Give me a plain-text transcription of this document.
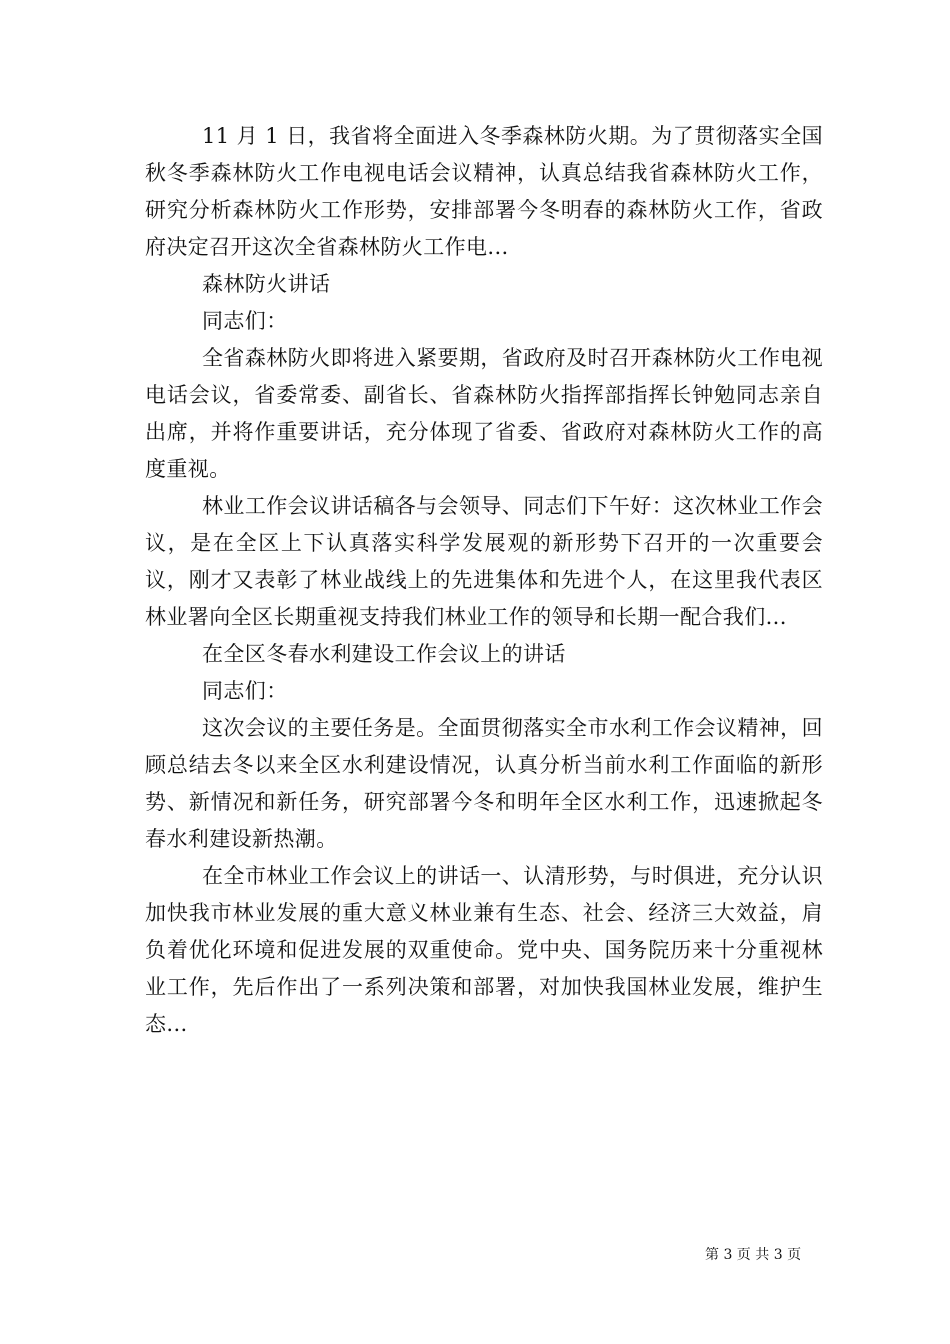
11 月 1 日，我省将全面进入冬季森林防火期。为了贯彻落实全国秋冬季森林防火工作电视电话会议精神，认真总结我省森林防火工作，研究分析森林防火工作形势，安排部署今冬明春的森林防火工作，省政府决定召开这次全省森林防火工作电...

森林防火讲话

同志们：

全省森林防火即将进入紧要期，省政府及时召开森林防火工作电视电话会议，省委常委、副省长、省森林防火指挥部指挥长钟勉同志亲自出席，并将作重要讲话，充分体现了省委、省政府对森林防火工作的高度重视。

林业工作会议讲话稿各与会领导、同志们下午好：这次林业工作会议，是在全区上下认真落实科学发展观的新形势下召开的一次重要会议，刚才又表彰了林业战线上的先进集体和先进个人，在这里我代表区林业署向全区长期重视支持我们林业工作的领导和长期一配合我们...

在全区冬春水利建设工作会议上的讲话

同志们：

这次会议的主要任务是。全面贯彻落实全市水利工作会议精神，回顾总结去冬以来全区水利建设情况，认真分析当前水利工作面临的新形势、新情况和新任务，研究部署今冬和明年全区水利工作，迅速掀起冬春水利建设新热潮。

在全市林业工作会议上的讲话一、认清形势，与时俱进，充分认识加快我市林业发展的重大意义林业兼有生态、社会、经济三大效益，肩负着优化环境和促进发展的双重使命。党中央、国务院历来十分重视林业工作，先后作出了一系列决策和部署，对加快我国林业发展，维护生态...

第 3 页 共 3 页
